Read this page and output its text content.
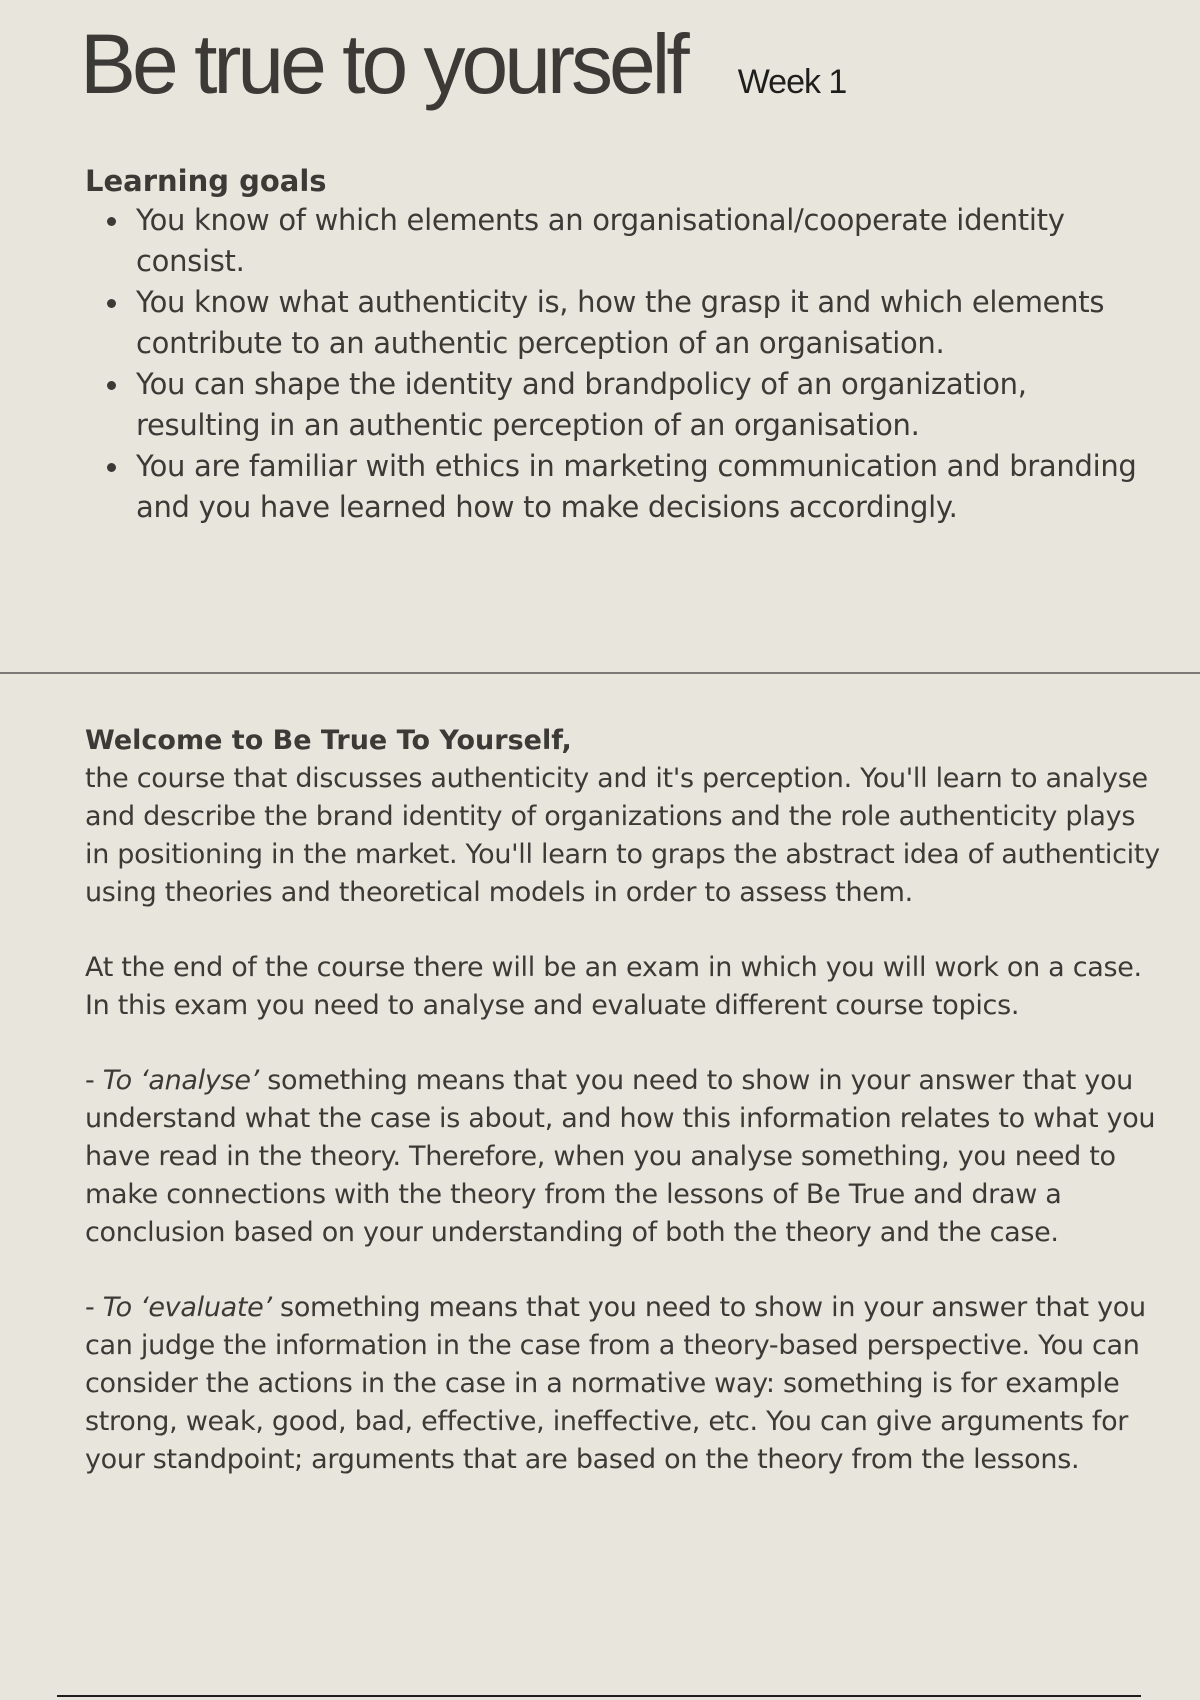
Be true to yourself Week 1

Learning goals

You know of which elements an organisational/cooperate identity consist.
You know what authenticity is, how the grasp it and which elements contribute to an authentic perception of an organisation.
You can shape the identity and brandpolicy of an organization, resulting in an authentic perception of an organisation.
You are familiar with ethics in marketing communication and branding and you have learned how to make decisions accordingly.

Welcome to Be True To Yourself,

the course that discusses authenticity and it's perception. You'll learn to analyse and describe the brand identity of organizations and the role authenticity plays in positioning in the market. You'll learn to graps the abstract idea of authenticity using theories and theoretical models in order to assess them.

At the end of the course there will be an exam in which you will work on a case. In this exam you need to analyse and evaluate different course topics.

- To ‘analyse’ something means that you need to show in your answer that you understand what the case is about, and how this information relates to what you have read in the theory. Therefore, when you analyse something, you need to make connections with the theory from the lessons of Be True and draw a conclusion based on your understanding of both the theory and the case.

- To ‘evaluate’ something means that you need to show in your answer that you can judge the information in the case from a theory-based perspective. You can consider the actions in the case in a normative way: something is for example strong, weak, good, bad, effective, ineffective, etc. You can give arguments for your standpoint; arguments that are based on the theory from the lessons.
